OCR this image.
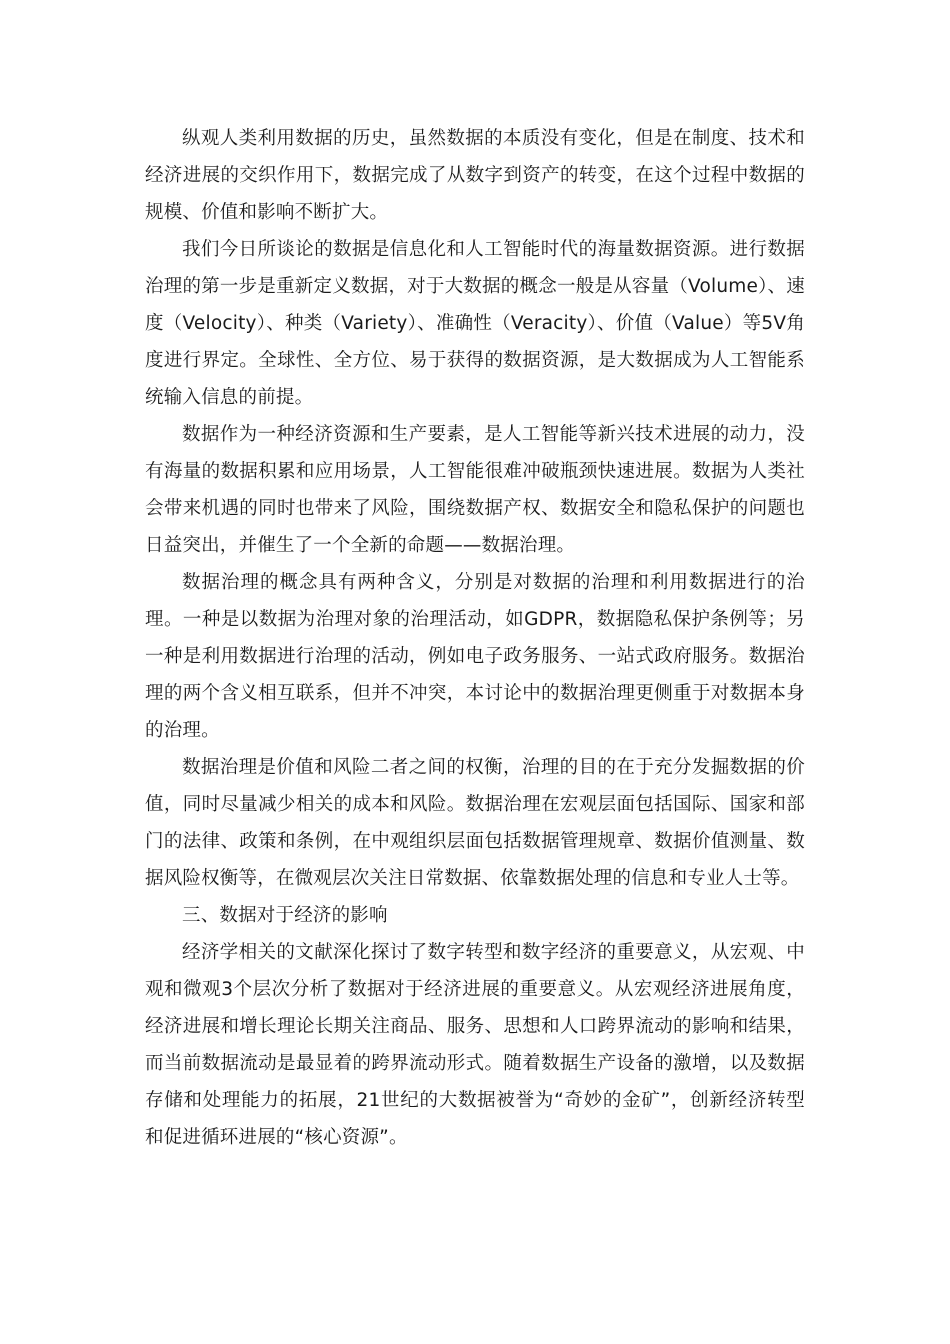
纵观人类利用数据的历史，虽然数据的本质没有变化，但是在制度、技术和经济进展的交织作用下，数据完成了从数字到资产的转变，在这个过程中数据的规模、价值和影响不断扩大。

我们今日所谈论的数据是信息化和人工智能时代的海量数据资源。进行数据治理的第一步是重新定义数据，对于大数据的概念一般是从容量（Volume）、速度（Velocity）、种类（Variety）、准确性（Veracity）、价值（Value）等5V角度进行界定。全球性、全方位、易于获得的数据资源，是大数据成为人工智能系统输入信息的前提。

数据作为一种经济资源和生产要素，是人工智能等新兴技术进展的动力，没有海量的数据积累和应用场景，人工智能很难冲破瓶颈快速进展。数据为人类社会带来机遇的同时也带来了风险，围绕数据产权、数据安全和隐私保护的问题也日益突出，并催生了一个全新的命题——数据治理。

数据治理的概念具有两种含义，分别是对数据的治理和利用数据进行的治理。一种是以数据为治理对象的治理活动，如GDPR，数据隐私保护条例等；另一种是利用数据进行治理的活动，例如电子政务服务、一站式政府服务。数据治理的两个含义相互联系，但并不冲突，本讨论中的数据治理更侧重于对数据本身的治理。

数据治理是价值和风险二者之间的权衡，治理的目的在于充分发掘数据的价值，同时尽量减少相关的成本和风险。数据治理在宏观层面包括国际、国家和部门的法律、政策和条例，在中观组织层面包括数据管理规章、数据价值测量、数据风险权衡等，在微观层次关注日常数据、依靠数据处理的信息和专业人士等。

三、数据对于经济的影响

经济学相关的文献深化探讨了数字转型和数字经济的重要意义，从宏观、中观和微观3个层次分析了数据对于经济进展的重要意义。从宏观经济进展角度，经济进展和增长理论长期关注商品、服务、思想和人口跨界流动的影响和结果，而当前数据流动是最显着的跨界流动形式。随着数据生产设备的激增，以及数据存储和处理能力的拓展，21世纪的大数据被誉为“奇妙的金矿”，创新经济转型和促进循环进展的“核心资源”。
